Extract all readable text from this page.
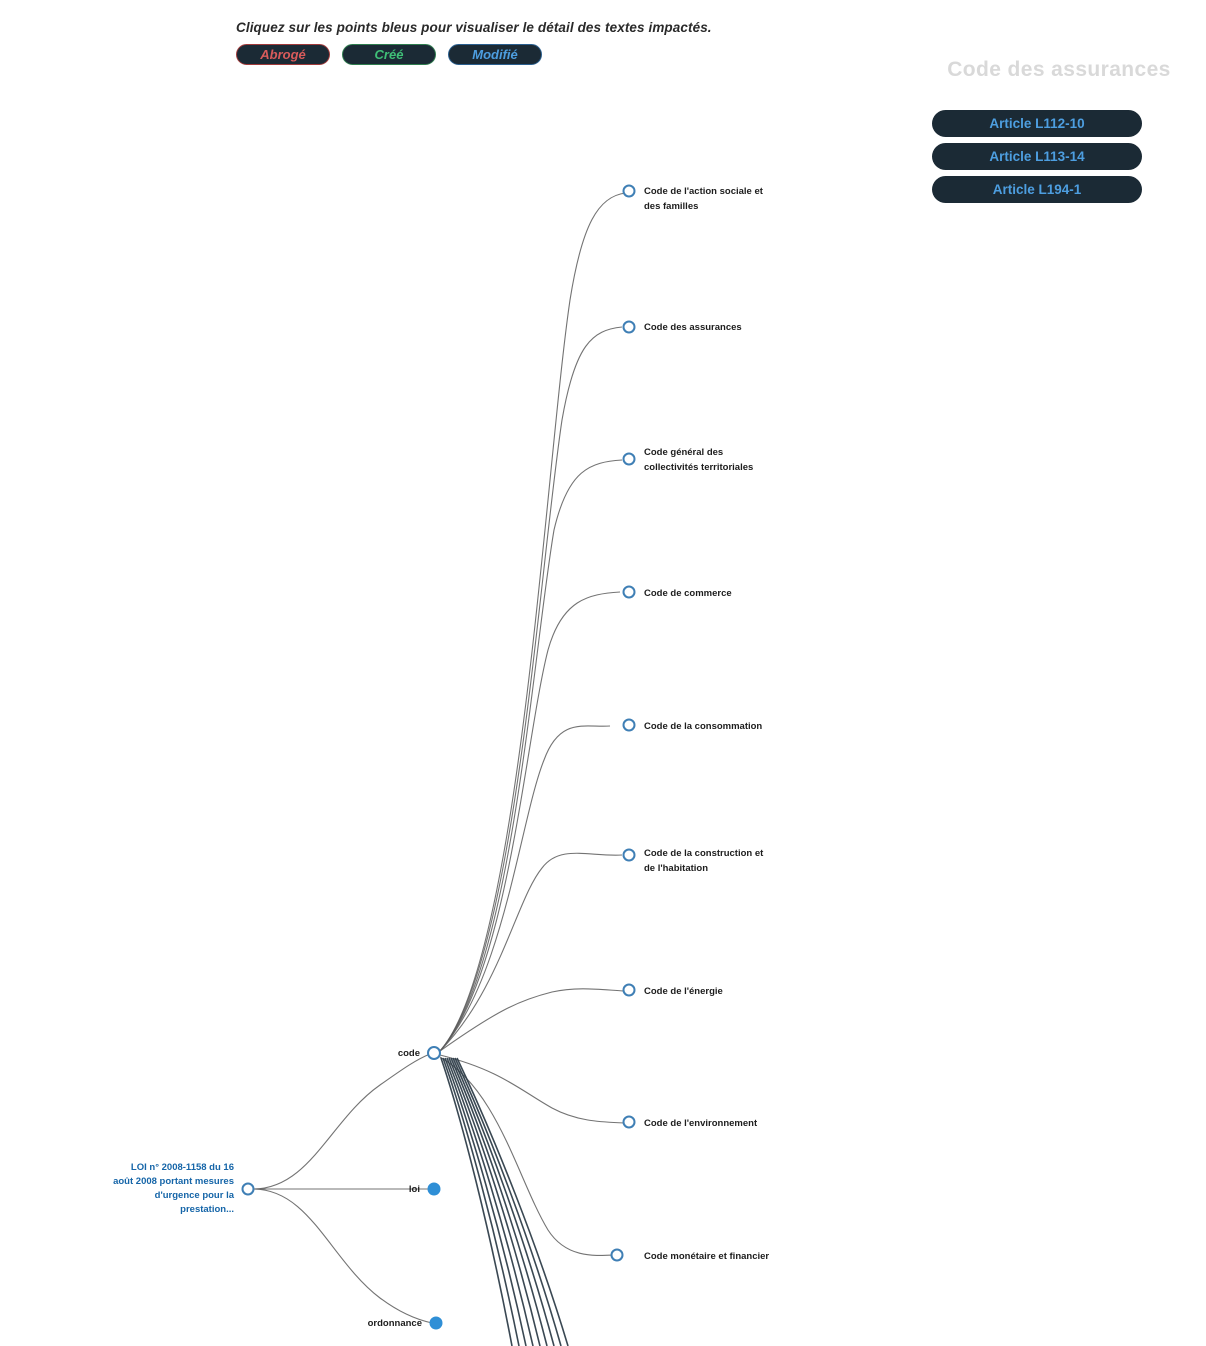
Cliquez sur les points bleus pour visualiser le détail des textes impactés.
Abrogé	Créé	Modifié
Code des assurances
Article L112-10
Article L113-14
Article L194-1
LOI n° 2008-1158 du 16
août 2008 portant mesures
d'urgence pour la
prestation...
code
loi
ordonnance
Code de l'action sociale et
des familles
Code des assurances
Code général des
collectivités territoriales
Code de commerce
Code de la consommation
Code de la construction et
de l'habitation
Code de l'énergie
Code de l'environnement
Code monétaire et financier
